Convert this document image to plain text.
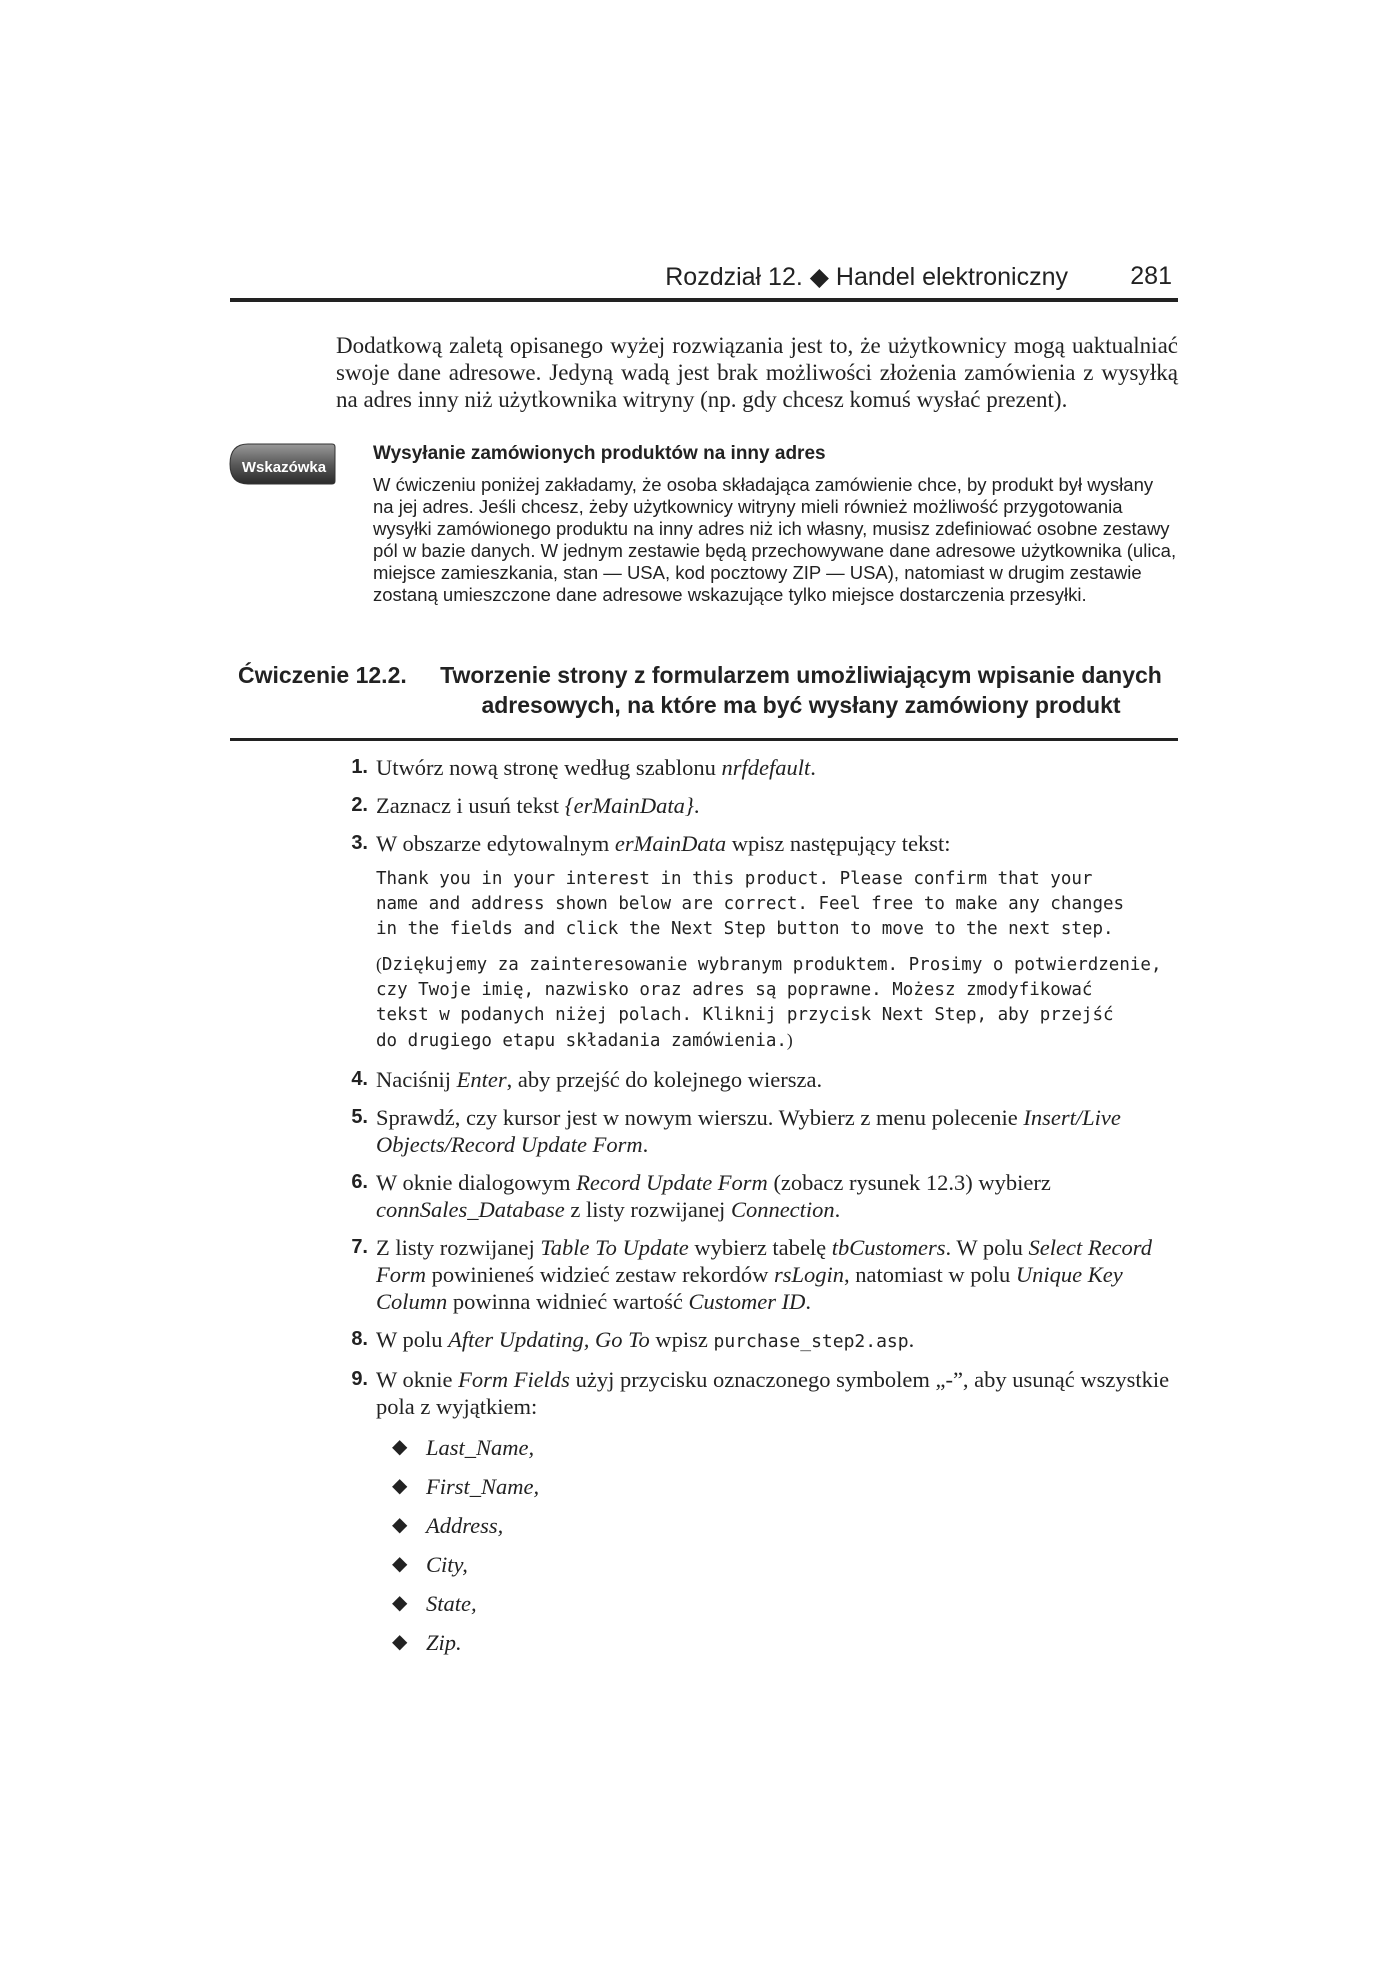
Rozdział 12. ◆ Handel elektroniczny 281

Dodatkową zaletą opisanego wyżej rozwiązania jest to, że użytkownicy mogą uaktualniać swoje dane adresowe. Jedyną wadą jest brak możliwości złożenia zamówienia z wysyłką na adres inny niż użytkownika witryny (np. gdy chcesz komuś wysłać prezent).

Wskazówka
Wysyłanie zamówionych produktów na inny adres

W ćwiczeniu poniżej zakładamy, że osoba składająca zamówienie chce, by produkt był wysłany na jej adres. Jeśli chcesz, żeby użytkownicy witryny mieli również możliwość przygotowania wysyłki zamówionego produktu na inny adres niż ich własny, musisz zdefiniować osobne zestawy pól w bazie danych. W jednym zestawie będą przechowywane dane adresowe użytkownika (ulica, miejsce zamieszkania, stan — USA, kod pocztowy ZIP — USA), natomiast w drugim zestawie zostaną umieszczone dane adresowe wskazujące tylko miejsce dostarczenia przesyłki.

Ćwiczenie 12.2. Tworzenie strony z formularzem umożliwiającym wpisanie danych adresowych, na które ma być wysłany zamówiony produkt
1. Utwórz nową stronę według szablonu nrfdefault.
2. Zaznacz i usuń tekst {erMainData}.
3. W obszarze edytowalnym erMainData wpisz następujący tekst:
Thank you in your interest in this product. Please confirm that your
name and address shown below are correct. Feel free to make any changes
in the fields and click the Next Step button to move to the next step.
(Dziękujemy za zainteresowanie wybranym produktem. Prosimy o potwierdzenie,
czy Twoje imię, nazwisko oraz adres są poprawne. Możesz zmodyfikować
tekst w podanych niżej polach. Kliknij przycisk Next Step, aby przejść
do drugiego etapu składania zamówienia.)
4. Naciśnij Enter, aby przejść do kolejnego wiersza.
5. Sprawdź, czy kursor jest w nowym wierszu. Wybierz z menu polecenie Insert/Live Objects/Record Update Form.
6. W oknie dialogowym Record Update Form (zobacz rysunek 12.3) wybierz connSales_Database z listy rozwijanej Connection.
7. Z listy rozwijanej Table To Update wybierz tabelę tbCustomers. W polu Select Record Form powinieneś widzieć zestaw rekordów rsLogin, natomiast w polu Unique Key Column powinna widnieć wartość Customer ID.
8. W polu After Updating, Go To wpisz purchase_step2.asp.
9. W oknie Form Fields użyj przycisku oznaczonego symbolem „-”, aby usunąć wszystkie pola z wyjątkiem:
◆ Last_Name,
◆ First_Name,
◆ Address,
◆ City,
◆ State,
◆ Zip.
